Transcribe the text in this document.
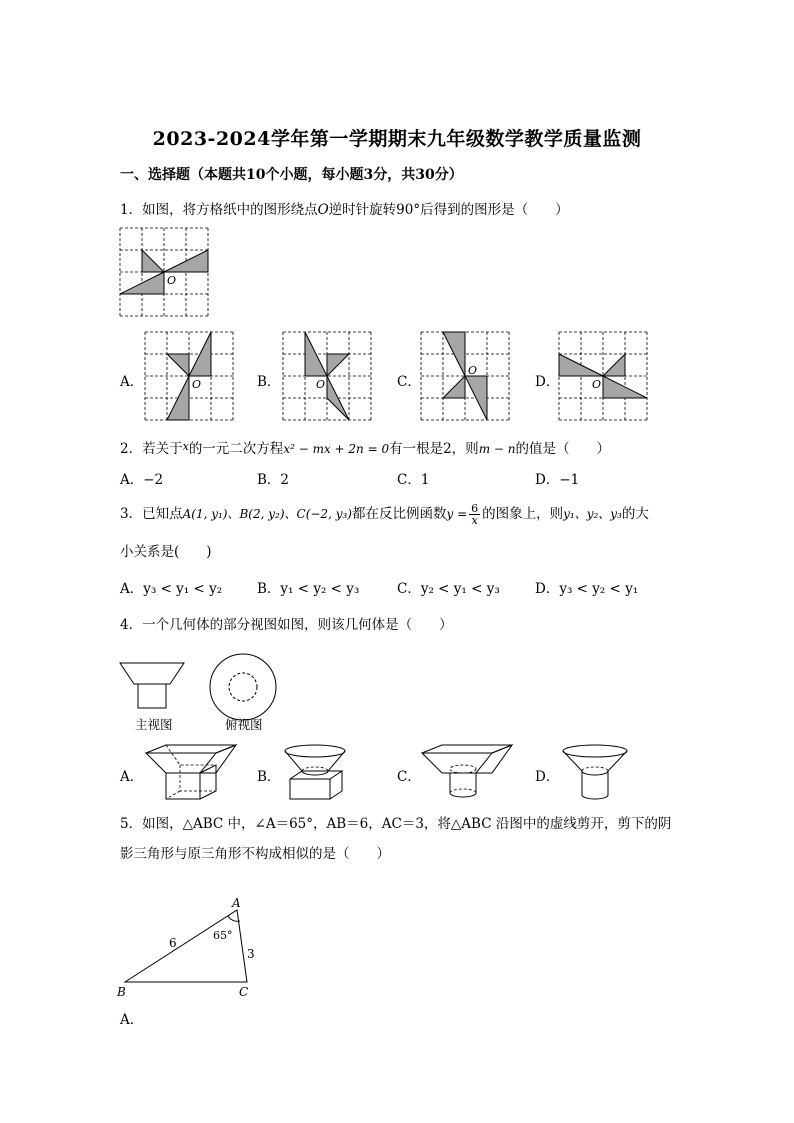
2023-2024学年第一学期期末九年级数学教学质量监测
一、选择题（本题共10个小题，每小题3分，共30分）
1．如图，将方格纸中的图形绕点O逆时针旋转90°后得到的图形是（　　）
O
A．	O	B．	O	C．
O
D．	O
2．若关于$^x$的一元二次方程x² − mx + 2n = 0有一根是2，则m − n的值是（　　）
A．−2	B．2	C．1	D．−1
3．已知点A(1, y₁)、B(2, y₂)、C(−2, y₃)都在反比例函数$y = \frac{6}{x}$ 的图象上，则y₁、y₂、y₃的大
小关系是(　　)
A．y₃ < y₁ < y₂	B．y₁ < y₂ < y₃	C．y₂ < y₁ < y₃	D．y₃ < y₂ < y₁
4．一个几何体的部分视图如图，则该几何体是（　　）
主视图	俯视图
A．	B．	C．	D．
5．如图，△ABC 中，∠A＝65°，AB＝6，AC＝3，将△ABC 沿图中的虚线剪开，剪下的阴
影三角形与原三角形不构成相似的是（　　）
A
B	C
65°
6
3
A．
